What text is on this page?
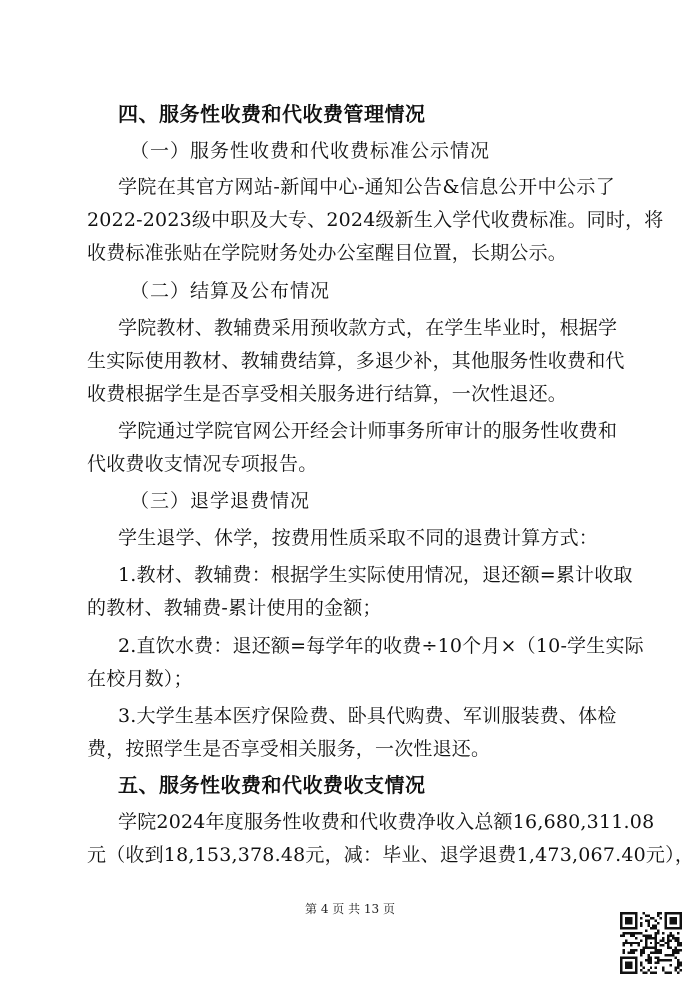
四、服务性收费和代收费管理情况
（一）服务性收费和代收费标准公示情况
学院在其官方网站-新闻中心-通知公告&信息公开中公示了
2022-2023级中职及大专、2024级新生入学代收费标准。同时，将
收费标准张贴在学院财务处办公室醒目位置，长期公示。
（二）结算及公布情况
学院教材、教辅费采用预收款方式，在学生毕业时，根据学
生实际使用教材、教辅费结算，多退少补，其他服务性收费和代
收费根据学生是否享受相关服务进行结算，一次性退还。
学院通过学院官网公开经会计师事务所审计的服务性收费和
代收费收支情况专项报告。
（三）退学退费情况
学生退学、休学，按费用性质采取不同的退费计算方式：
1.教材、教辅费：根据学生实际使用情况，退还额=累计收取
的教材、教辅费-累计使用的金额；
2.直饮水费：退还额=每学年的收费÷10个月×（10-学生实际
在校月数）；
3.大学生基本医疗保险费、卧具代购费、军训服装费、体检
费，按照学生是否享受相关服务，一次性退还。
五、服务性收费和代收费收支情况
学院2024年度服务性收费和代收费净收入总额16,680,311.08
元（收到18,153,378.48元，减：毕业、退学退费1,473,067.40元），
第 4 页 共 13 页
